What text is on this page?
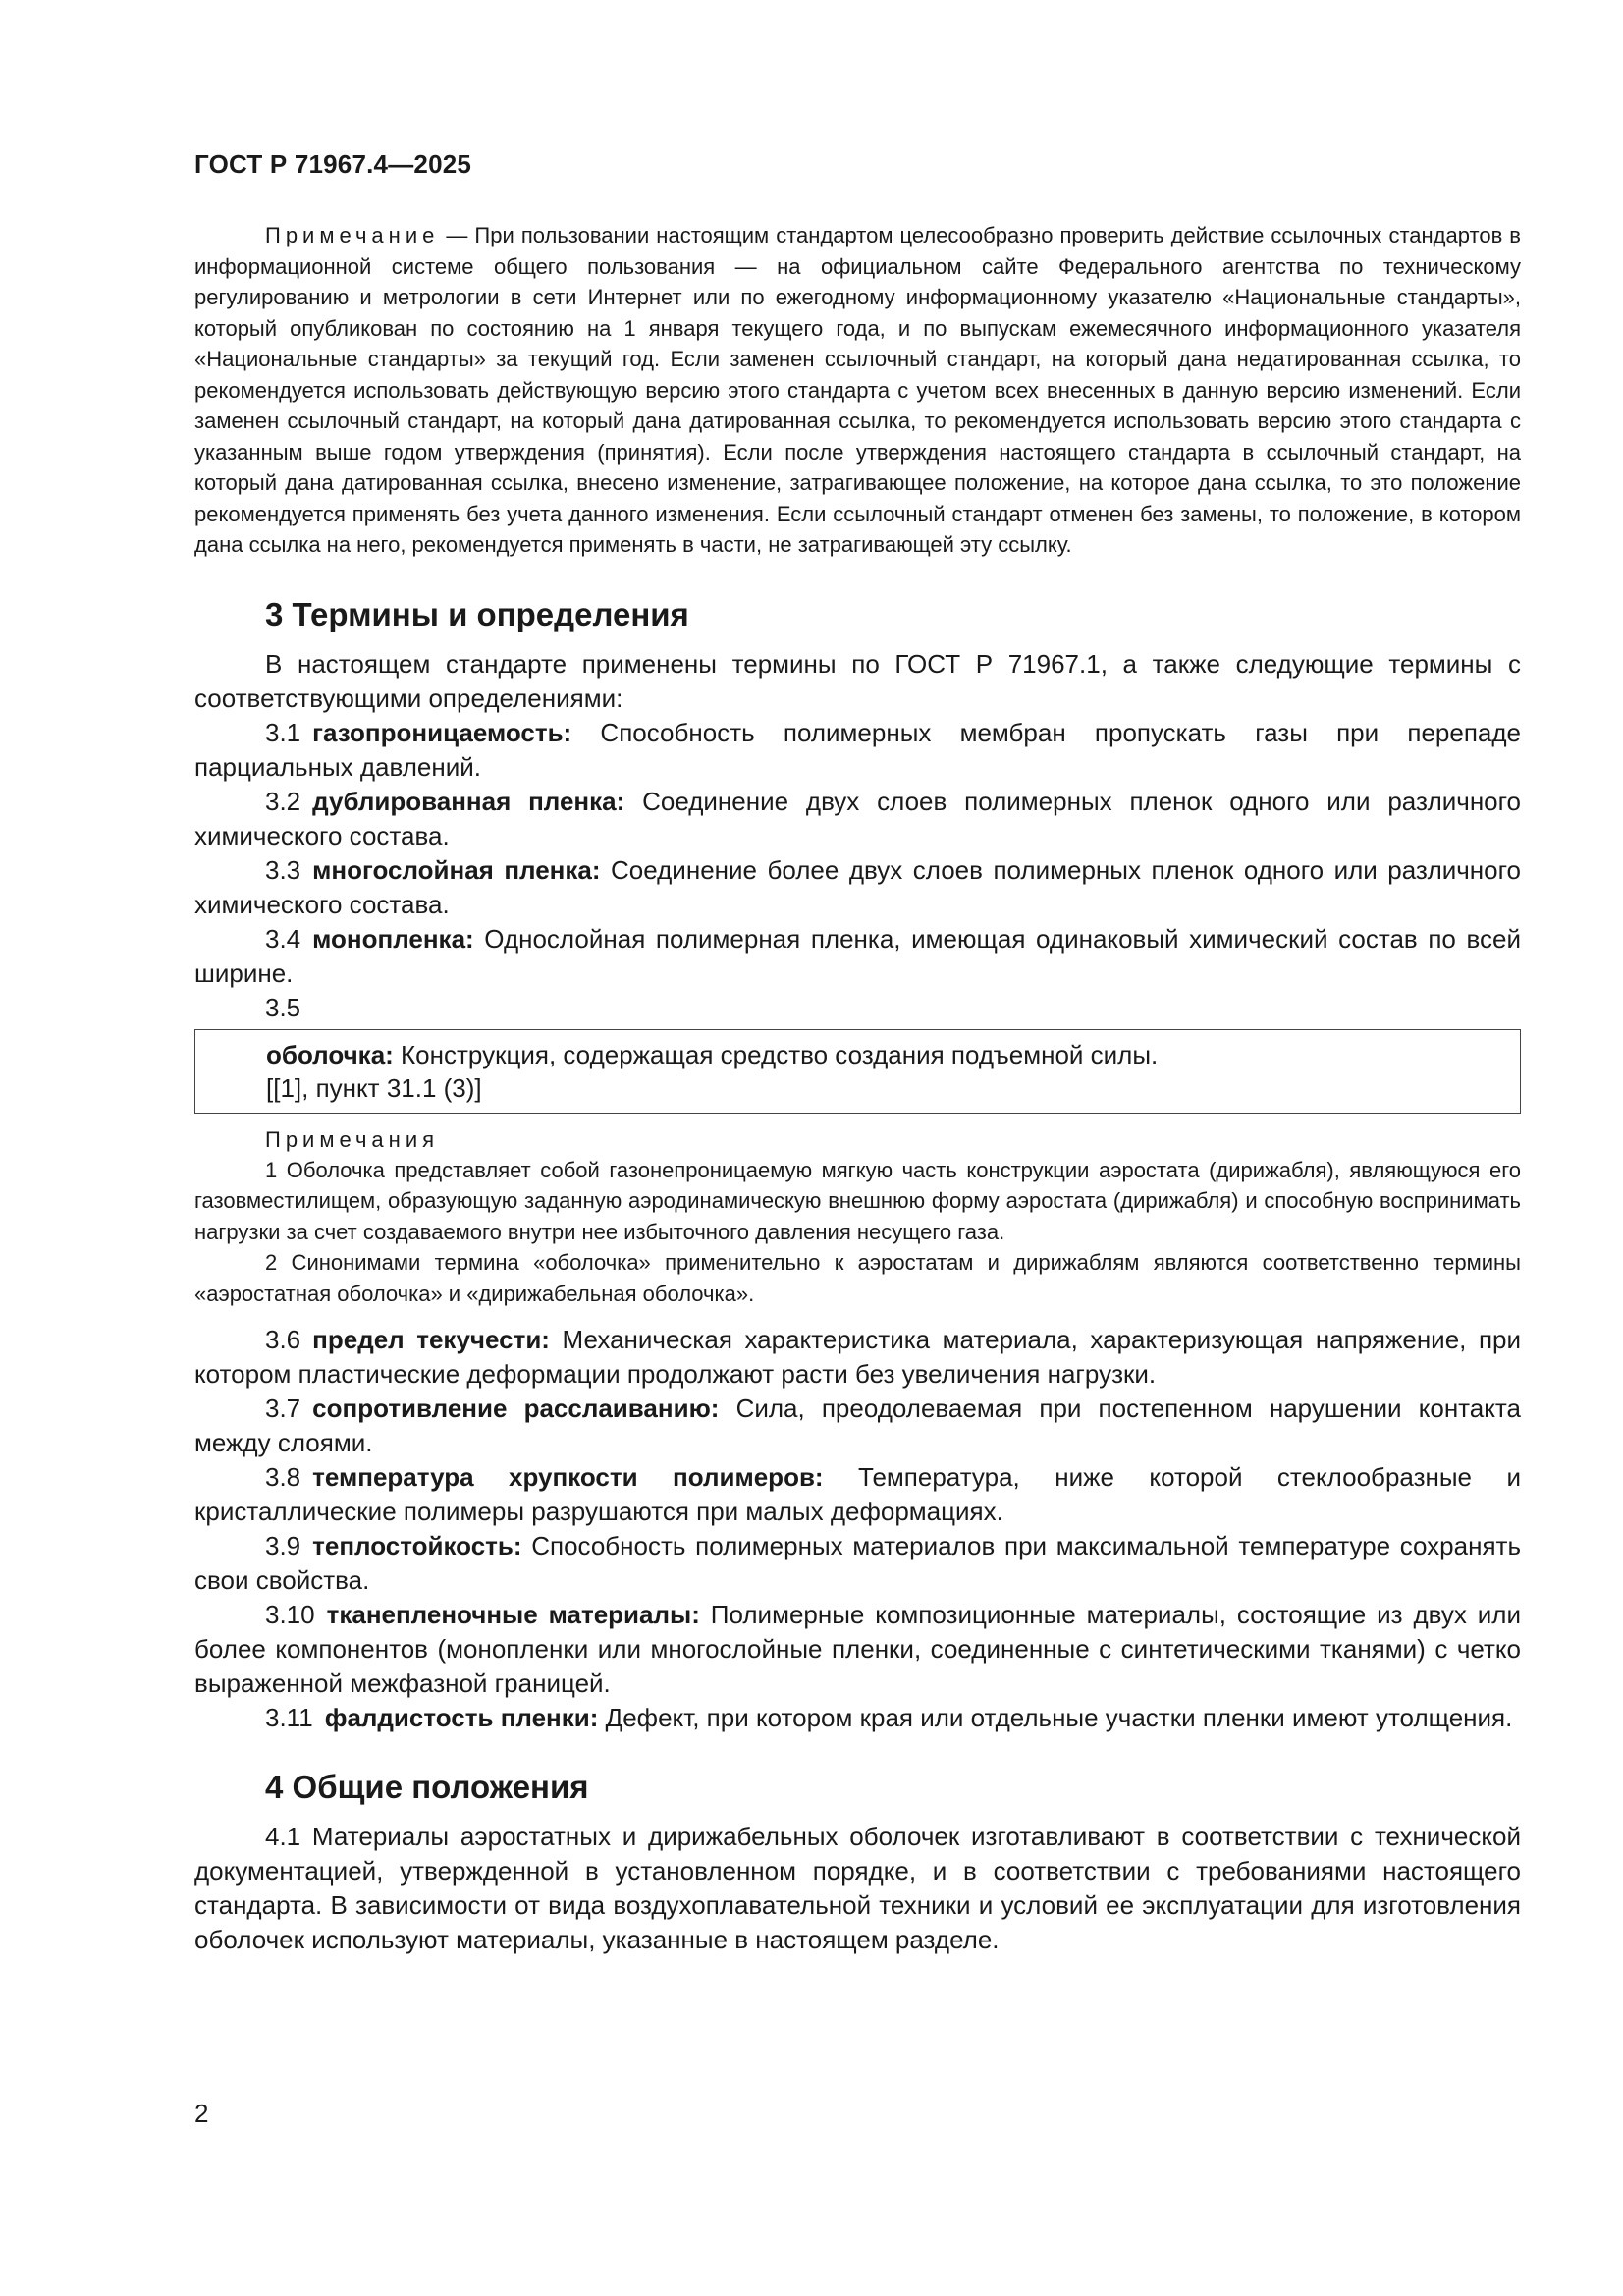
ГОСТ Р 71967.4—2025

Примечание — При пользовании настоящим стандартом целесообразно проверить действие ссылочных стандартов в информационной системе общего пользования — на официальном сайте Федерального агентства по техническому регулированию и метрологии в сети Интернет или по ежегодному информационному указателю «Национальные стандарты», который опубликован по состоянию на 1 января текущего года, и по выпускам ежемесячного информационного указателя «Национальные стандарты» за текущий год. Если заменен ссылочный стандарт, на который дана недатированная ссылка, то рекомендуется использовать действующую версию этого стандарта с учетом всех внесенных в данную версию изменений. Если заменен ссылочный стандарт, на который дана датированная ссылка, то рекомендуется использовать версию этого стандарта с указанным выше годом утверждения (принятия). Если после утверждения настоящего стандарта в ссылочный стандарт, на который дана датированная ссылка, внесено изменение, затрагивающее положение, на которое дана ссылка, то это положение рекомендуется применять без учета данного изменения. Если ссылочный стандарт отменен без замены, то положение, в котором дана ссылка на него, рекомендуется применять в части, не затрагивающей эту ссылку.

3 Термины и определения

В настоящем стандарте применены термины по ГОСТ Р 71967.1, а также следующие термины с соответствующими определениями:

3.1 газопроницаемость: Способность полимерных мембран пропускать газы при перепаде парциальных давлений.

3.2 дублированная пленка: Соединение двух слоев полимерных пленок одного или различного химического состава.

3.3 многослойная пленка: Соединение более двух слоев полимерных пленок одного или различного химического состава.

3.4 монопленка: Однослойная полимерная пленка, имеющая одинаковый химический состав по всей ширине.

3.5

оболочка: Конструкция, содержащая средство создания подъемной силы.
[[1], пункт 31.1 (3)]
Примечания

1 Оболочка представляет собой газонепроницаемую мягкую часть конструкции аэростата (дирижабля), являющуюся его газовместилищем, образующую заданную аэродинамическую внешнюю форму аэростата (дирижабля) и способную воспринимать нагрузки за счет создаваемого внутри нее избыточного давления несущего газа.

2 Синонимами термина «оболочка» применительно к аэростатам и дирижаблям являются соответственно термины «аэростатная оболочка» и «дирижабельная оболочка».

3.6 предел текучести: Механическая характеристика материала, характеризующая напряжение, при котором пластические деформации продолжают расти без увеличения нагрузки.

3.7 сопротивление расслаиванию: Сила, преодолеваемая при постепенном нарушении контакта между слоями.

3.8 температура хрупкости полимеров: Температура, ниже которой стеклообразные и кристаллические полимеры разрушаются при малых деформациях.

3.9 теплостойкость: Способность полимерных материалов при максимальной температуре сохранять свои свойства.

3.10 тканепленочные материалы: Полимерные композиционные материалы, состоящие из двух или более компонентов (монопленки или многослойные пленки, соединенные с синтетическими тканями) с четко выраженной межфазной границей.

3.11 фалдистость пленки: Дефект, при котором края или отдельные участки пленки имеют утолщения.

4 Общие положения

4.1 Материалы аэростатных и дирижабельных оболочек изготавливают в соответствии с технической документацией, утвержденной в установленном порядке, и в соответствии с требованиями настоящего стандарта. В зависимости от вида воздухоплавательной техники и условий ее эксплуатации для изготовления оболочек используют материалы, указанные в настоящем разделе.

2
